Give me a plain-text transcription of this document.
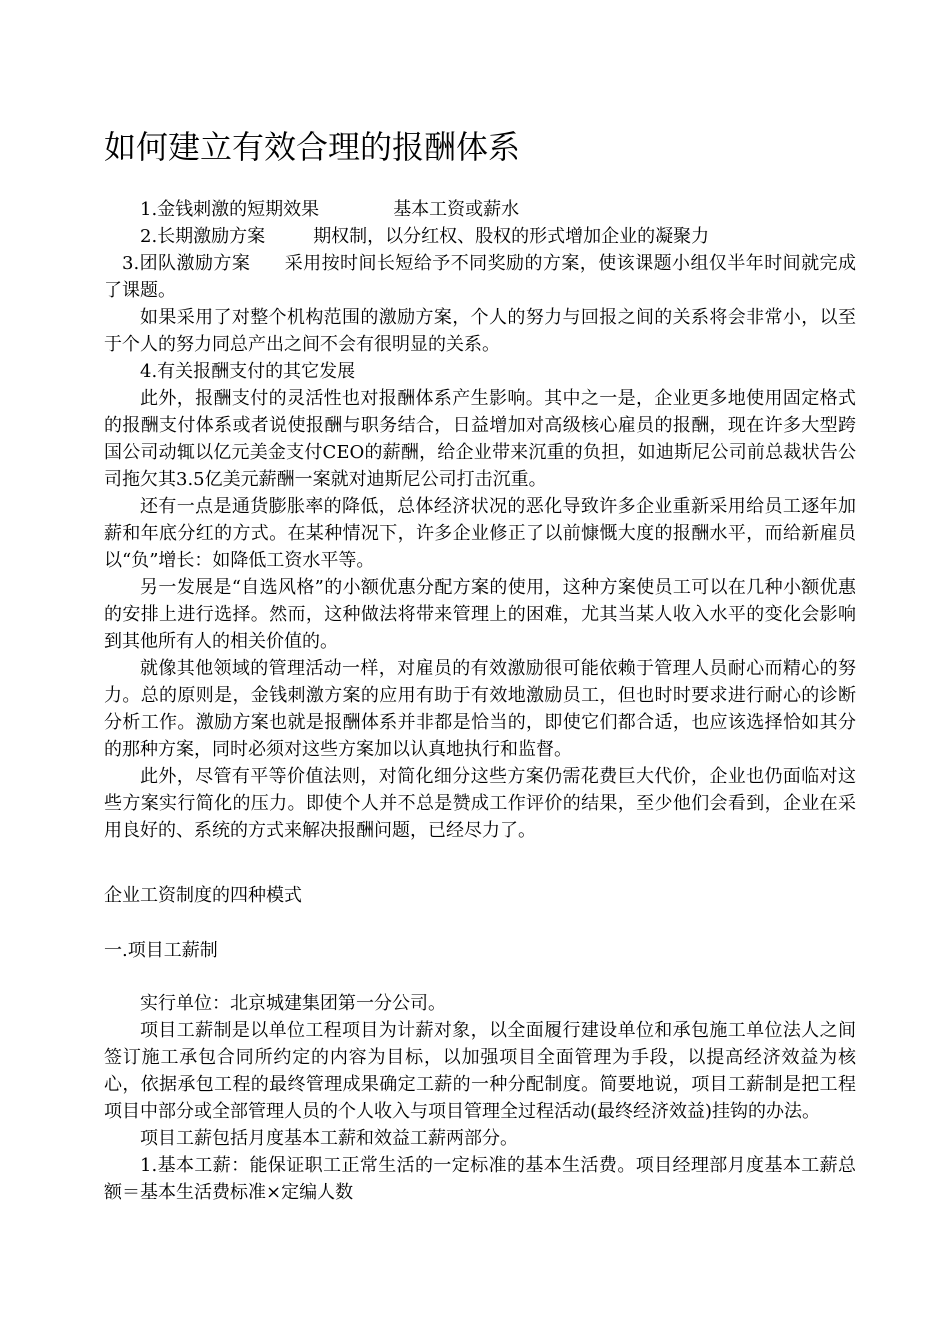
如何建立有效合理的报酬体系

1.金钱刺激的短期效果	基本工资或薪水

2.长期激励方案	期权制，以分红权、股权的形式增加企业的凝聚力

3.团队激励方案 采用按时间长短给予不同奖励的方案，使该课题小组仅半年时间就完成了课题。

如果采用了对整个机构范围的激励方案，个人的努力与回报之间的关系将会非常小，以至于个人的努力同总产出之间不会有很明显的关系。

4.有关报酬支付的其它发展

此外，报酬支付的灵活性也对报酬体系产生影响。其中之一是，企业更多地使用固定格式的报酬支付体系或者说使报酬与职务结合，日益增加对高级核心雇员的报酬，现在许多大型跨国公司动辄以亿元美金支付CEO的薪酬，给企业带来沉重的负担，如迪斯尼公司前总裁状告公司拖欠其3.5亿美元薪酬一案就对迪斯尼公司打击沉重。

还有一点是通货膨胀率的降低，总体经济状况的恶化导致许多企业重新采用给员工逐年加薪和年底分红的方式。在某种情况下，许多企业修正了以前慷慨大度的报酬水平，而给新雇员以“负”增长：如降低工资水平等。

另一发展是“自选风格”的小额优惠分配方案的使用，这种方案使员工可以在几种小额优惠的安排上进行选择。然而，这种做法将带来管理上的困难，尤其当某人收入水平的变化会影响到其他所有人的相关价值的。

就像其他领域的管理活动一样，对雇员的有效激励很可能依赖于管理人员耐心而精心的努力。总的原则是，金钱刺激方案的应用有助于有效地激励员工，但也时时要求进行耐心的诊断分析工作。激励方案也就是报酬体系并非都是恰当的，即使它们都合适，也应该选择恰如其分的那种方案，同时必须对这些方案加以认真地执行和监督。

此外，尽管有平等价值法则，对简化细分这些方案仍需花费巨大代价，企业也仍面临对这些方案实行简化的压力。即使个人并不总是赞成工作评价的结果，至少他们会看到，企业在采用良好的、系统的方式来解决报酬问题，已经尽力了。

企业工资制度的四种模式
一.项目工薪制

实行单位：北京城建集团第一分公司。

项目工薪制是以单位工程项目为计薪对象，以全面履行建设单位和承包施工单位法人之间签订施工承包合同所约定的内容为目标，以加强项目全面管理为手段，以提高经济效益为核心，依据承包工程的最终管理成果确定工薪的一种分配制度。简要地说，项目工薪制是把工程项目中部分或全部管理人员的个人收入与项目管理全过程活动(最终经济效益)挂钩的办法。

项目工薪包括月度基本工薪和效益工薪两部分。

1.基本工薪：能保证职工正常生活的一定标准的基本生活费。项目经理部月度基本工薪总额＝基本生活费标准×定编人数
